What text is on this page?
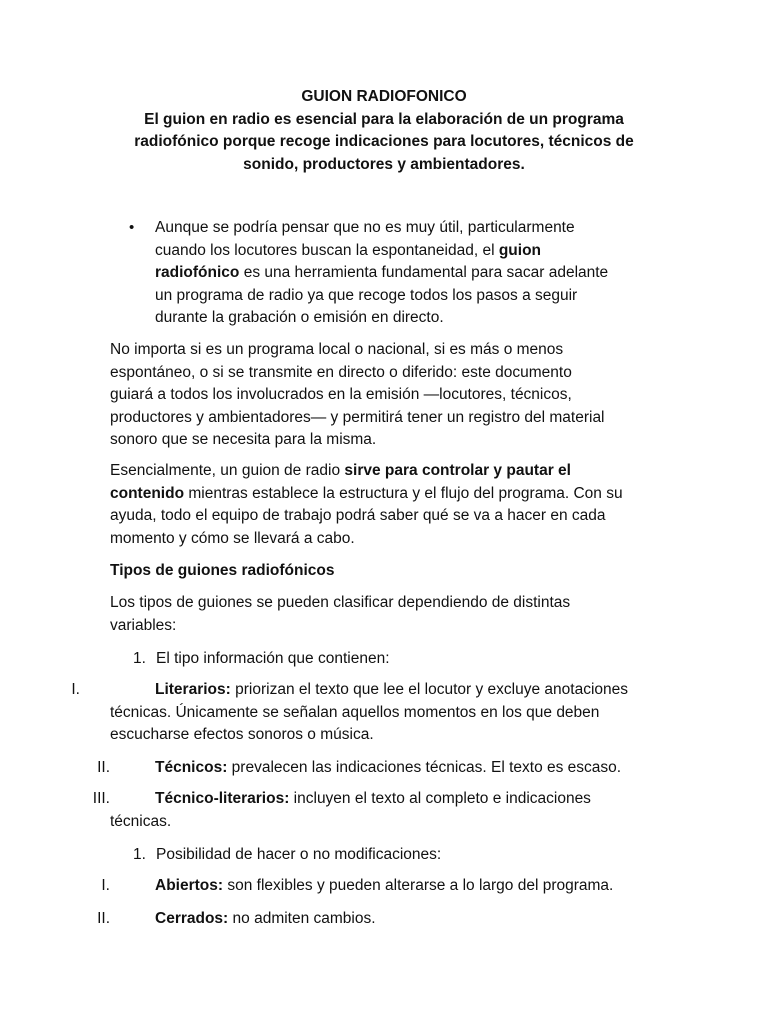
GUION RADIOFONICO
El guion en radio es esencial para la elaboración de un programa
radiofónico porque recoge indicaciones para locutores, técnicos de
sonido, productores y ambientadores.
• Aunque se podría pensar que no es muy útil, particularmente
cuando los locutores buscan la espontaneidad, el guion
radiofónico es una herramienta fundamental para sacar adelante
un programa de radio ya que recoge todos los pasos a seguir
durante la grabación o emisión en directo.
No importa si es un programa local o nacional, si es más o menos
espontáneo, o si se transmite en directo o diferido: este documento
guiará a todos los involucrados en la emisión —locutores, técnicos,
productores y ambientadores— y permitirá tener un registro del material
sonoro que se necesita para la misma.
Esencialmente, un guion de radio sirve para controlar y pautar el
contenido mientras establece la estructura y el flujo del programa. Con su
ayuda, todo el equipo de trabajo podrá saber qué se va a hacer en cada
momento y cómo se llevará a cabo.
Tipos de guiones radiofónicos
Los tipos de guiones se pueden clasificar dependiendo de distintas
variables:
1. El tipo información que contienen:
I.	Literarios: priorizan el texto que lee el locutor y excluye anotaciones
técnicas. Únicamente se señalan aquellos momentos en los que deben
escucharse efectos sonoros o música.
II.	Técnicos: prevalecen las indicaciones técnicas. El texto es escaso.
III.	Técnico-literarios: incluyen el texto al completo e indicaciones
técnicas.
1. Posibilidad de hacer o no modificaciones:
I.	Abiertos: son flexibles y pueden alterarse a lo largo del programa.
II.	Cerrados: no admiten cambios.
